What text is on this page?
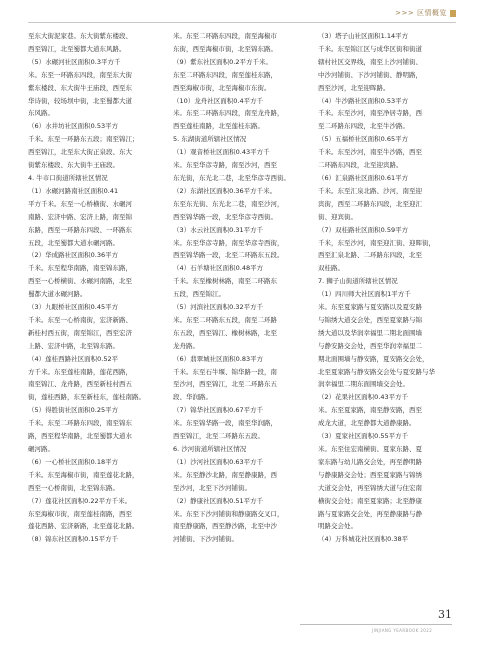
>>> 区情概览
至东大街泥家巷。东大街紫东楼段、
西至锦江，北至蜀都大道东风路。
（5）水碾河社区面积0.3平方千
米。东至一环路东四段，南至东大街
紫东楼段、东大街牛王庙段，西至东
华诗街，较场坝中街，北至蜀都大道
东风路。
（6）水井坊社区面积0.53平方
千米。东至一环路东五段；南至锦江；
西至锦江，北至东大街正泉段、东大
街紫东楼段、东大街牛王庙段。
4. 牛市口街道所辖社区情况
（1）水碾河路南社区面积0.41
平方千米。东至一心桥横街、水碾河
南路、宏济中路、宏济上路，南至锦
东路，西至一环路东四段、一环路东
五段，北至蜀都大道水碾河路。
（2）华成路社区面积0.36平方
千米。东至程华南路，南至锦东路，
西至一心桥横街、水碾河南路，北至
蜀都大道水碾河路。
（3）九眼桥社区面积0.45平方
千米。东至一心桥南街，宏济新路、
新桂村西五街，南至锦江，西至宏济
上路、宏济中路，北至锦东路。
（4）莲桂西路社区面积0.52平
方千米。东至莲桂南路，莲花西路，
南至锦江、龙舟路，西至新桂村西五
街，莲桂西路，东至新桂东，莲桂南路。
（5）得胜街社区面积0.25平方
千米。东至二环路东四段，南至锦东
路，西至程华南路，北至蜀都大道水
碾河路。
（6）一心桥社区面积0.18平方
千米。东至海椒市街，南至莲花北路，
西至一心桥南街，北至锦东路。
（7）莲花社区面积0.22平方千米。
东至海椒市街，南至莲桂南路，西至
莲花西路、宏济新路，北至莲花北路。
（8）锦东社区面积0.15平方千
米。东至二环路东四段，南至海椒市
东街，西至海椒市街，北至锦东路。
（9）紫东社区面积0.2平方千米。
东至二环路东四段，南至莲桂东路，
西至海椒市街，北至海椒市东街。
（10）龙舟社区面积0.4平方千
米。东至二环路东四段，南至龙舟路，
西至莲桂南路，北至莲桂东路。
5. 东湖街道所辖社区情况
（1）观音桥社区面积0.43平方千
米。东至华彦寺路，南至沙河，西至
东光街，东光北二巷，北至华彦寺西街。
（2）东湖社区面积0.36平方千米。
东至东光街、东光北二巷，南至沙河，
西至锦华路一段，北至华彦寺西街。
（3）水云社区面积0.31平方千
米。东至华彦寺路，南至华彦寺西街，
西至锦华路一段，北至二环路东五段。
（4）石羊塘社区面积0.48平方
千米。东至橡树林路，南至二环路东
五段，西至锦江。
（5）河滨社区面积0.32平方千
米。东至二环路东五段，南至二环路
东五段，西至锦江、橡树林路，北至
龙舟路。
（6）翡翠城社区面积0.83平方
千米。东至石牛堰、锦华路一段，南
至沙河，西至锦江，北至二环路东五
段、华润路。
（7）锦华社区面积0.67平方千
米。东至锦华路一段，南至华润路，
西至锦江，北至二环路东五段。
6. 沙河街道所辖社区情况
（1）沙河社区面积0.63平方千
米。东至静沙北路，南至静康路，西
至沙河，北至下沙河铺街。
（2）静康社区面积0.51平方千
米。东至下沙河铺街和静康路交叉口，
南至静康路，西至静沙路，北至中沙
河铺街、下沙河铺街。
（3）塔子山社区面积1.14平方
千米。东至锦江区与成华区街和街道
辖村社区交界线，南至上沙河铺街、
中沙河铺街、下沙河铺街、静明路，
西至沙河，北至迎晖路。
（4）牛沙路社区面积0.53平方
千米。东至沙河，南至净居寺路，西
至二环路东四段，北至牛沙路。
（5）五福桥社区面积0.65平方
千米。东至沙河，南至牛沙路，西至
二环路东四段，北至迎宾路。
（6）汇泉路社区面积0.61平方
千米。东至汇泉北路、沙河，南至迎
宾街，西至二环路东四段，北至迎汇
街、迎宾街。
（7）双桂路社区面积0.59平方
千米，东至沙河，南至迎汇街、迎晖街，
西至汇泉北路、二环路东四段，北至
双桂路。
7. 狮子山街道所辖社区情况
（1）四川师大社区面积1平方千
米。东至夏家路与夏安路以及夏安路
与锦绣大道交会处，西至夏家路与锦
绣大道以及华润幸福里二期北面围墙
与静安路交会处，西至华润幸福里二
期北面围墙与静安路，夏安路交会处，
北至夏家路与静安路交会处与夏安路与华
润幸福里二期东面围墙交会处。
（2）花果社区面积0.43平方千
米。东至夏家路，南至静安路，西至
成龙大道，北至静都大道静康路。
（3）夏家社区面积0.55平方千
米。东至住宏南横街、夏家东路、夏
家东路与幼儿路交会处，再至静明路
与静康路交会处；西至夏家路与锦绣
大道交会处，再至锦绣大道与住宏南
横街交会处；南至夏家路；北至静康
路与夏家路交会处，再至静康路与静
明路交会处。
（4）万科城花社区面积0.38平
31
JINJIANG YEARBOOK 2022
